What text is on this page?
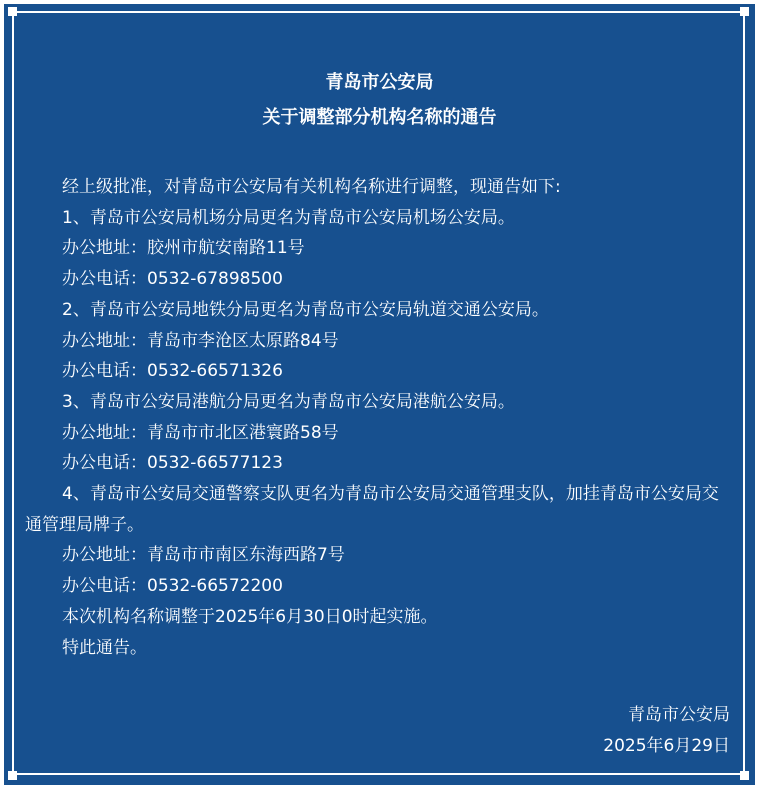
青岛市公安局
关于调整部分机构名称的通告

经上级批准，对青岛市公安局有关机构名称进行调整，现通告如下:

1、青岛市公安局机场分局更名为青岛市公安局机场公安局。

办公地址：胶州市航安南路11号

办公电话：0532-67898500

2、青岛市公安局地铁分局更名为青岛市公安局轨道交通公安局。

办公地址：青岛市李沧区太原路84号

办公电话：0532-66571326

3、青岛市公安局港航分局更名为青岛市公安局港航公安局。

办公地址：青岛市市北区港寰路58号

办公电话：0532-66577123

4、青岛市公安局交通警察支队更名为青岛市公安局交通管理支队，加挂青岛市公安局交通管理局牌子。

办公地址：青岛市市南区东海西路7号

办公电话：0532-66572200

本次机构名称调整于2025年6月30日0时起实施。

特此通告。

青岛市公安局
2025年6月29日
